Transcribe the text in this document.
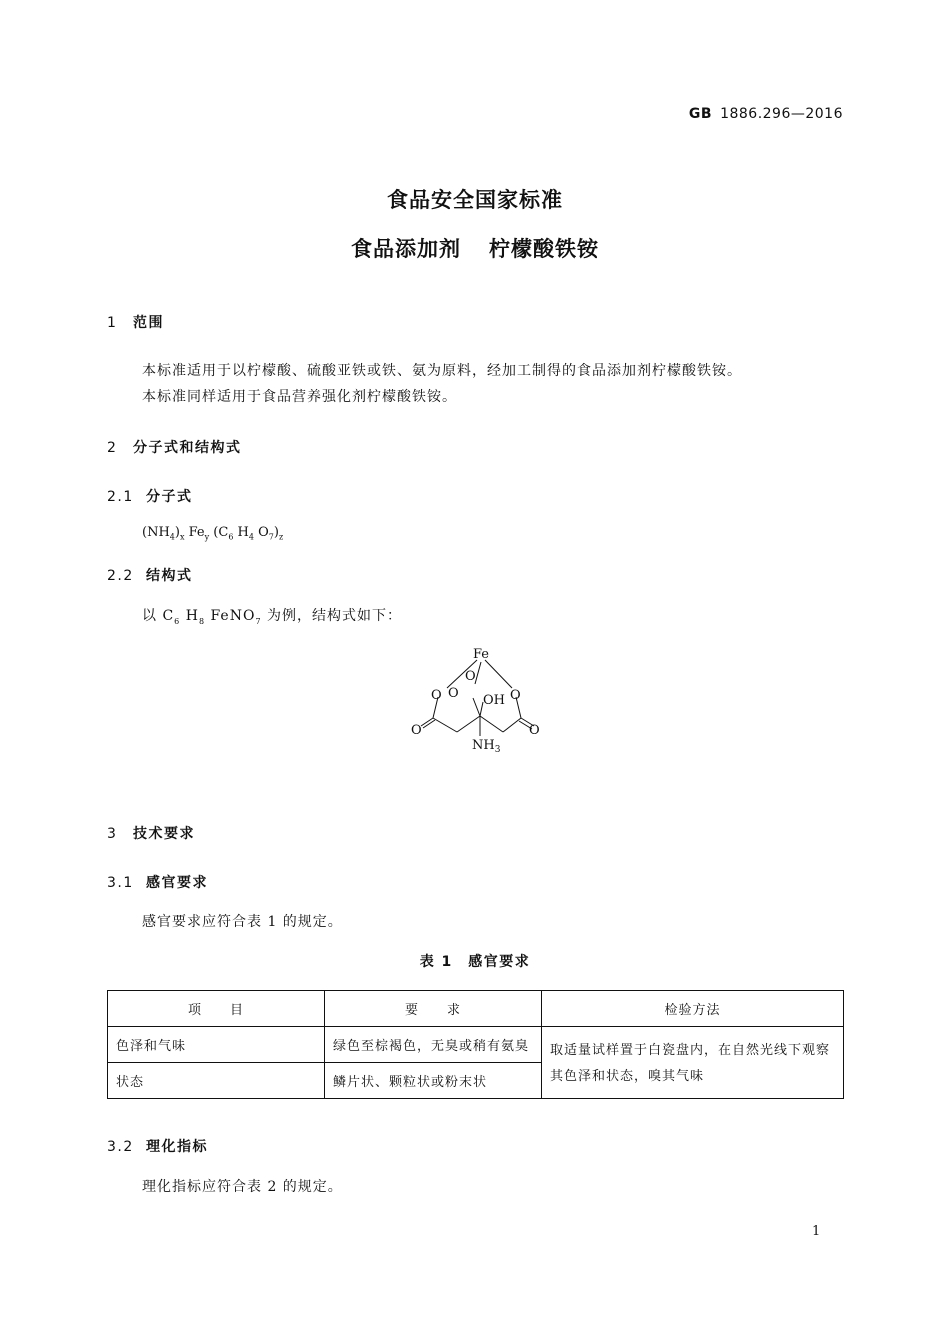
GB 1886.296—2016
食品安全国家标准
食品添加剂 柠檬酸铁铵
1 范围
本标准适用于以柠檬酸、硫酸亚铁或铁、氨为原料，经加工制得的食品添加剂柠檬酸铁铵。
本标准同样适用于食品营养强化剂柠檬酸铁铵。
2 分子式和结构式
2.1 分子式
$(NH_4)_x$ $Fe_y$ ($C_6$ $H_4$ $O_7)_z$
2.2 结构式
以 $C_6$ $H_8$ FeNO$_7$ 为例，结构式如下：
Fe
O
O O OH O
O	O
$NH_3$
3 技术要求
3.1 感官要求
感官要求应符合表 1 的规定。
表 1　感官要求
项　　目	要　　求	检验方法
色泽和气味	绿色至棕褐色，无臭或稍有氨臭	取适量试样置于白瓷盘内，在自然光线下观察其色泽和状态，嗅其气味
状态	鳞片状、颗粒状或粉末状	
3.2 理化指标
理化指标应符合表 2 的规定。
1
